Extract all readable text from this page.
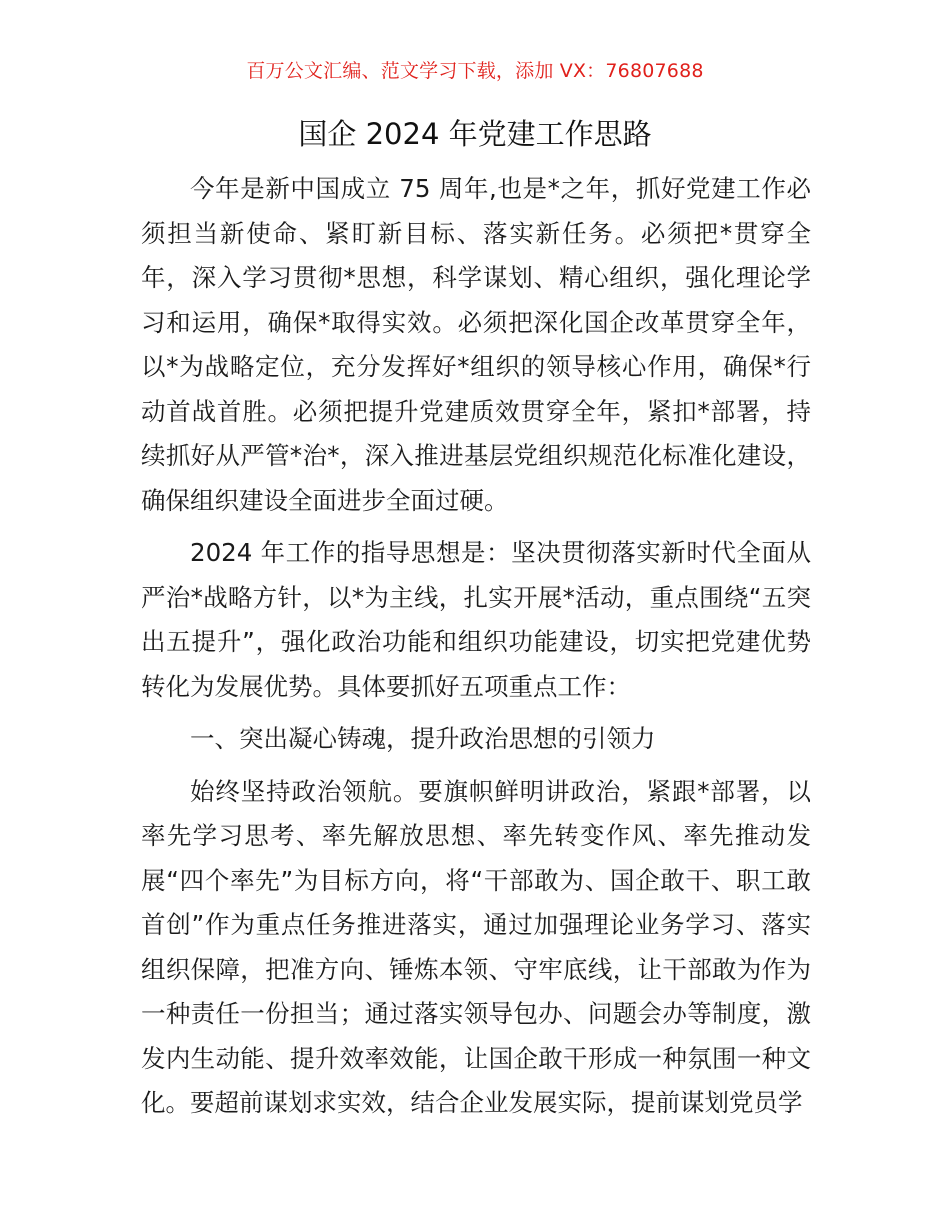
百万公文汇编、范文学习下载，添加 VX：76807688
国企 2024 年党建工作思路

今年是新中国成立 75 周年,也是*之年，抓好党建工作必须担当新使命、紧盯新目标、落实新任务。必须把*贯穿全年，深入学习贯彻*思想，科学谋划、精心组织，强化理论学习和运用，确保*取得实效。必须把深化国企改革贯穿全年，以*为战略定位，充分发挥好*组织的领导核心作用，确保*行动首战首胜。必须把提升党建质效贯穿全年，紧扣*部署，持续抓好从严管*治*，深入推进基层党组织规范化标准化建设，确保组织建设全面进步全面过硬。

2024 年工作的指导思想是：坚决贯彻落实新时代全面从严治*战略方针，以*为主线，扎实开展*活动，重点围绕“五突出五提升”，强化政治功能和组织功能建设，切实把党建优势转化为发展优势。具体要抓好五项重点工作：

一、突出凝心铸魂，提升政治思想的引领力

始终坚持政治领航。要旗帜鲜明讲政治，紧跟*部署，以率先学习思考、率先解放思想、率先转变作风、率先推动发展“四个率先”为目标方向，将“干部敢为、国企敢干、职工敢首创”作为重点任务推进落实，通过加强理论业务学习、落实组织保障，把准方向、锤炼本领、守牢底线，让干部敢为作为一种责任一份担当；通过落实领导包办、问题会办等制度，激发内生动能、提升效率效能，让国企敢干形成一种氛围一种文化。要超前谋划求实效，结合企业发展实际，提前谋划党员学
